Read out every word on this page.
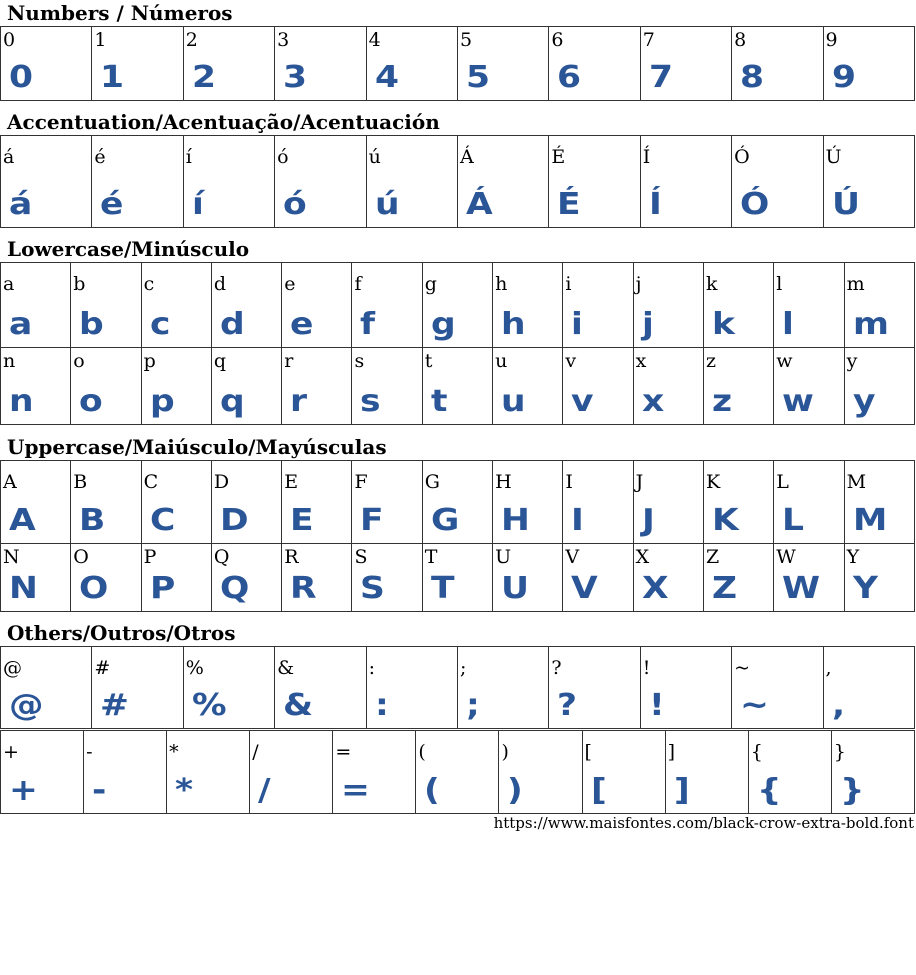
Numbers / Números
0
0
1
1
2
2
3
3
4
4
5
5
6
6
7
7
8
8
9
9
Accentuation/Acentuação/Acentuación
á
á
é
é
í
í
ó
ó
ú
ú
Á
Á
É
É
Í
Í
Ó
Ó
Ú
Ú
Lowercase/Minúsculo
a
a
b
b
c
c
d
d
e
e
f
f
g
g
h
h
i
i
j
j
k
k
l
l
m
m
n
n
o
o
p
p
q
q
r
r
s
s
t
t
u
u
v
v
x
x
z
z
w
w
y
y
Uppercase/Maiúsculo/Mayúsculas
A
A
B
B
C
C
D
D
E
E
F
F
G
G
H
H
I
I
J
J
K
K
L
L
M
M
N
N
O
O
P
P
Q
Q
R
R
S
S
T
T
U
U
V
V
X
X
Z
Z
W
W
Y
Y
Others/Outros/Otros
@
@
#
#
%
%
&
&
:
:
;
;
?
?
!
!
~
~
,
,
+
+
-
-
*
*
/
/
=
=
(
(
)
)
[
[
]
]
{
{
}
}
https://www.maisfontes.com/black-crow-extra-bold.font
